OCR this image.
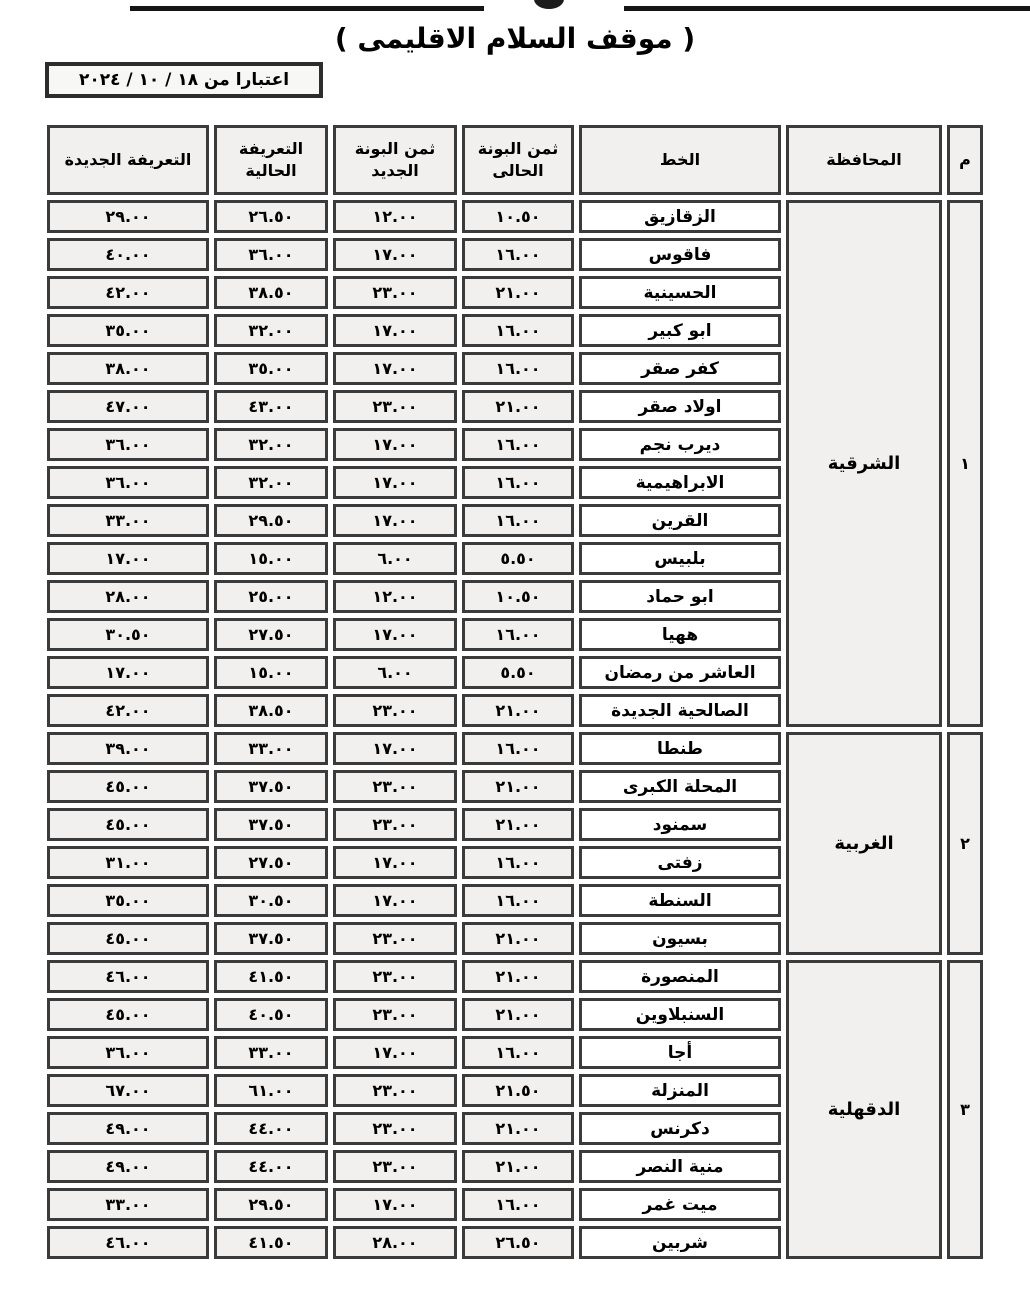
( موقف السلام الاقليمى )
اعتبارا من ١٨ / ١٠ / ٢٠٢٤
م	المحافظة	الخط	ثمن البونة الحالى	ثمن البونة الجديد	التعريفة الحالية	التعريفة الجديدة
١	الشرقية	الزقازيق	١٠.٥٠	١٢.٠٠	٢٦.٥٠	٢٩.٠٠
		فاقوس	١٦.٠٠	١٧.٠٠	٣٦.٠٠	٤٠.٠٠
		الحسينية	٢١.٠٠	٢٣.٠٠	٣٨.٥٠	٤٢.٠٠
		ابو كبير	١٦.٠٠	١٧.٠٠	٣٢.٠٠	٣٥.٠٠
		كفر صقر	١٦.٠٠	١٧.٠٠	٣٥.٠٠	٣٨.٠٠
		اولاد صقر	٢١.٠٠	٢٣.٠٠	٤٣.٠٠	٤٧.٠٠
		ديرب نجم	١٦.٠٠	١٧.٠٠	٣٢.٠٠	٣٦.٠٠
		الابراهيمية	١٦.٠٠	١٧.٠٠	٣٢.٠٠	٣٦.٠٠
		القرين	١٦.٠٠	١٧.٠٠	٢٩.٥٠	٣٣.٠٠
		بلبيس	٥.٥٠	٦.٠٠	١٥.٠٠	١٧.٠٠
		ابو حماد	١٠.٥٠	١٢.٠٠	٢٥.٠٠	٢٨.٠٠
		ههيا	١٦.٠٠	١٧.٠٠	٢٧.٥٠	٣٠.٥٠
		العاشر من رمضان	٥.٥٠	٦.٠٠	١٥.٠٠	١٧.٠٠
		الصالحية الجديدة	٢١.٠٠	٢٣.٠٠	٣٨.٥٠	٤٢.٠٠
٢	الغربية	طنطا	١٦.٠٠	١٧.٠٠	٣٣.٠٠	٣٩.٠٠
		المحلة الكبرى	٢١.٠٠	٢٣.٠٠	٣٧.٥٠	٤٥.٠٠
		سمنود	٢١.٠٠	٢٣.٠٠	٣٧.٥٠	٤٥.٠٠
		زفتى	١٦.٠٠	١٧.٠٠	٢٧.٥٠	٣١.٠٠
		السنطة	١٦.٠٠	١٧.٠٠	٣٠.٥٠	٣٥.٠٠
		بسيون	٢١.٠٠	٢٣.٠٠	٣٧.٥٠	٤٥.٠٠
٣	الدقهلية	المنصورة	٢١.٠٠	٢٣.٠٠	٤١.٥٠	٤٦.٠٠
		السنبلاوين	٢١.٠٠	٢٣.٠٠	٤٠.٥٠	٤٥.٠٠
		أجا	١٦.٠٠	١٧.٠٠	٣٣.٠٠	٣٦.٠٠
		المنزلة	٢١.٥٠	٢٣.٠٠	٦١.٠٠	٦٧.٠٠
		دكرنس	٢١.٠٠	٢٣.٠٠	٤٤.٠٠	٤٩.٠٠
		منية النصر	٢١.٠٠	٢٣.٠٠	٤٤.٠٠	٤٩.٠٠
		ميت غمر	١٦.٠٠	١٧.٠٠	٢٩.٥٠	٣٣.٠٠
		شربين	٢٦.٥٠	٢٨.٠٠	٤١.٥٠	٤٦.٠٠
